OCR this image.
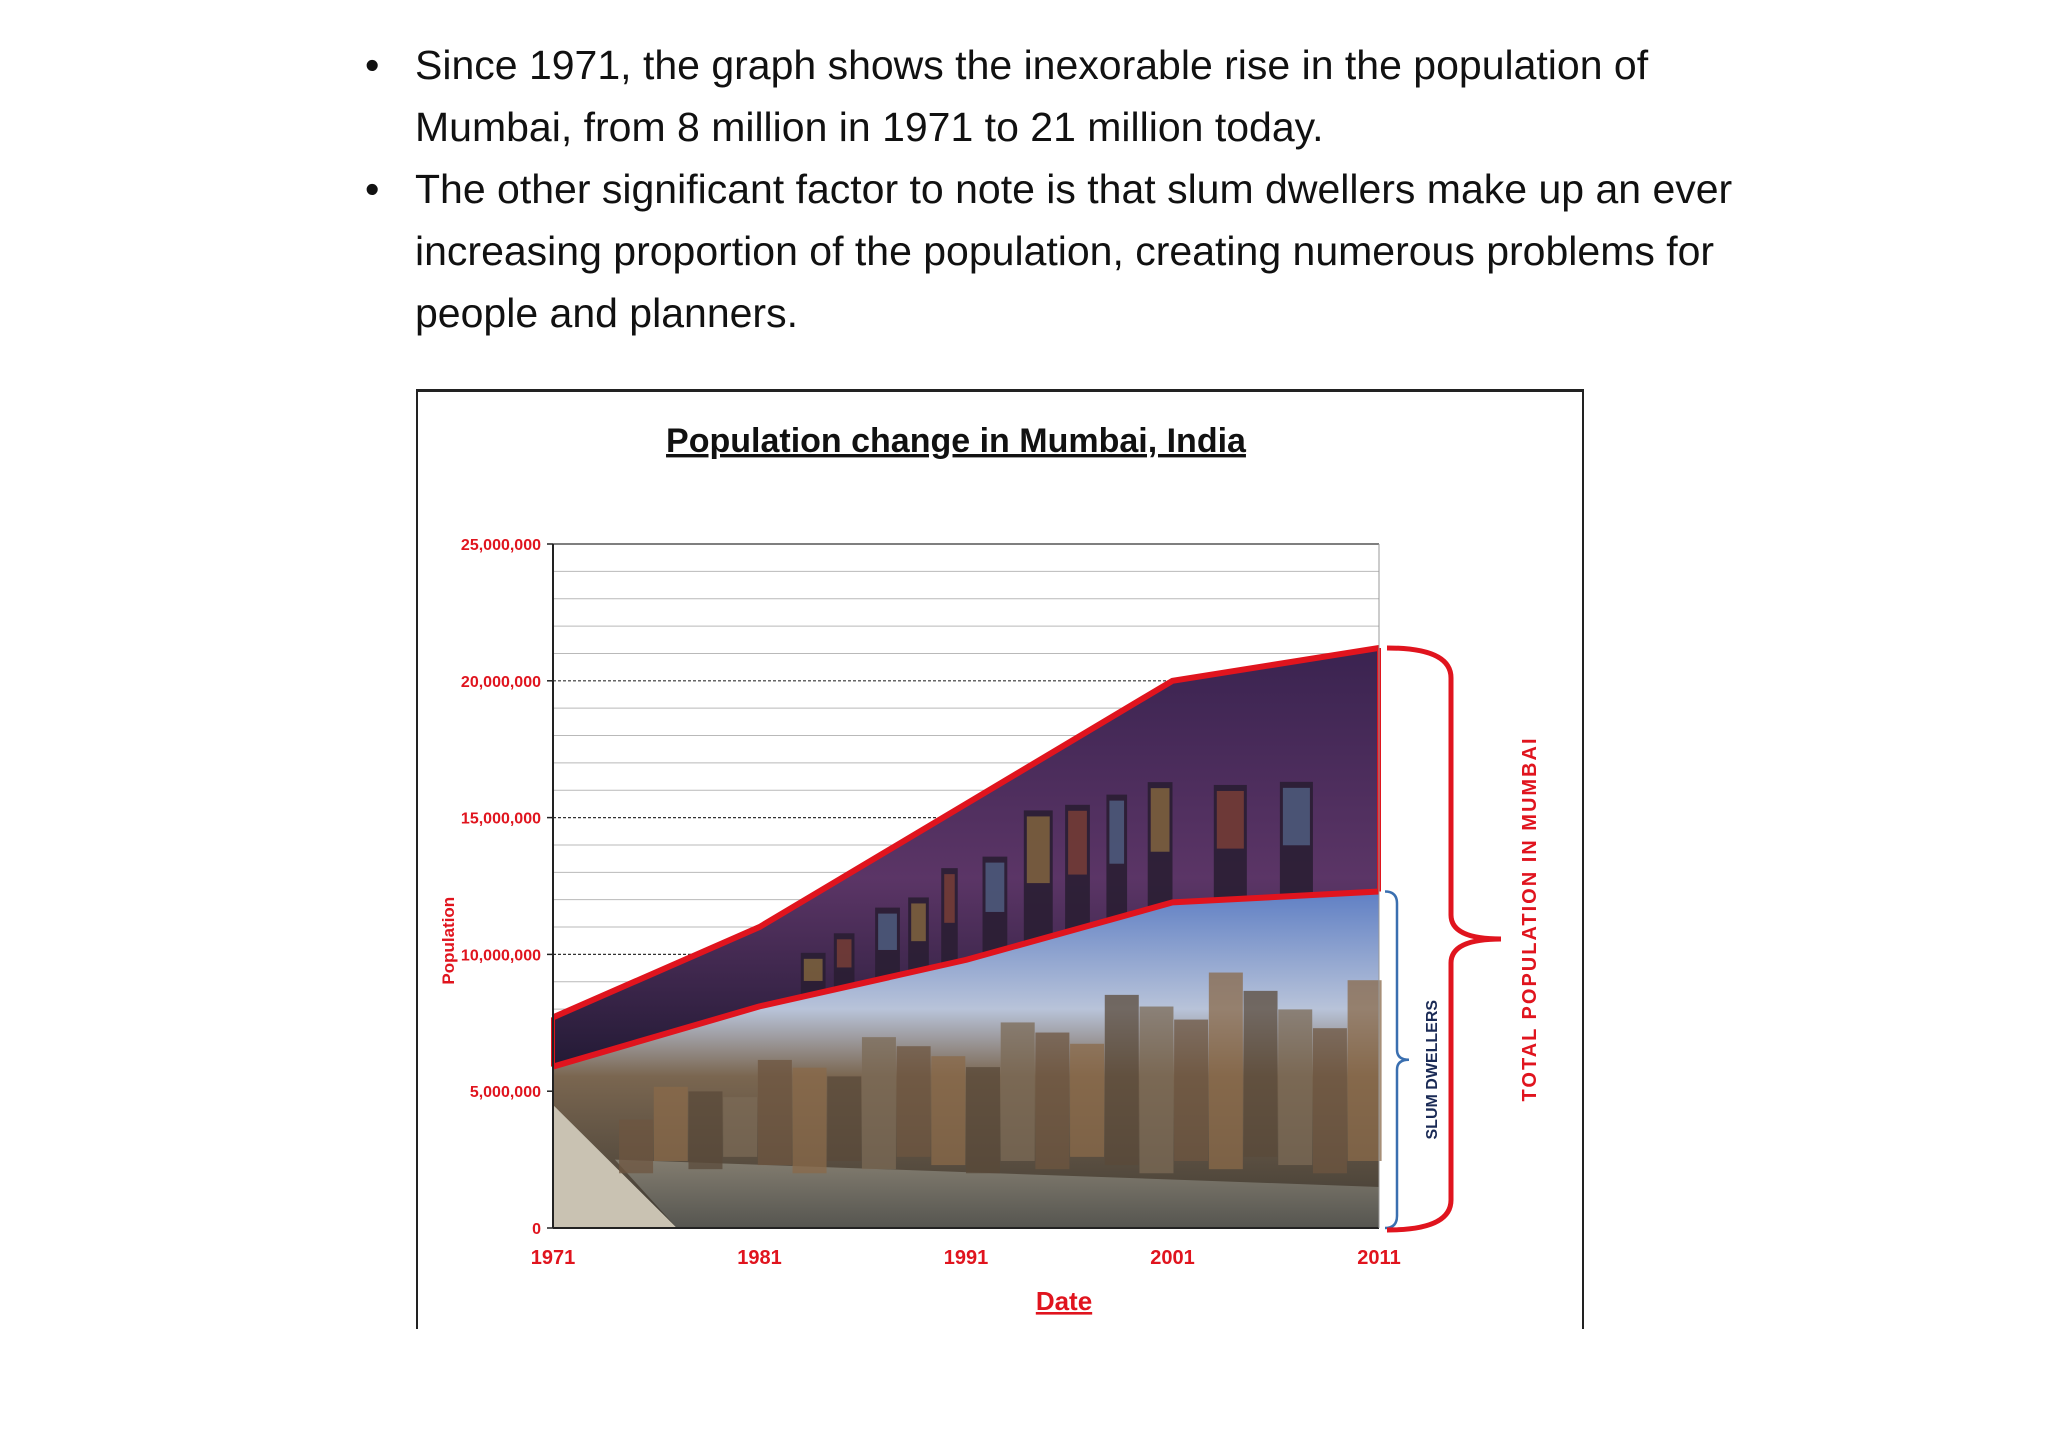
• Since 1971, the graph shows the inexorable rise in the population of Mumbai, from 8 million in 1971 to 21 million today.
• The other significant factor to note is that slum dwellers make up an ever increasing proportion of the population, creating numerous problems for people and planners.
Population change in Mumbai, India
0
5,000,000
10,000,000
15,000,000
20,000,000
25,000,000
1971	1981	1991	2001	2011
Date
Population
SLUM DWELLERS	TOTAL POPULATION IN MUMBAI
